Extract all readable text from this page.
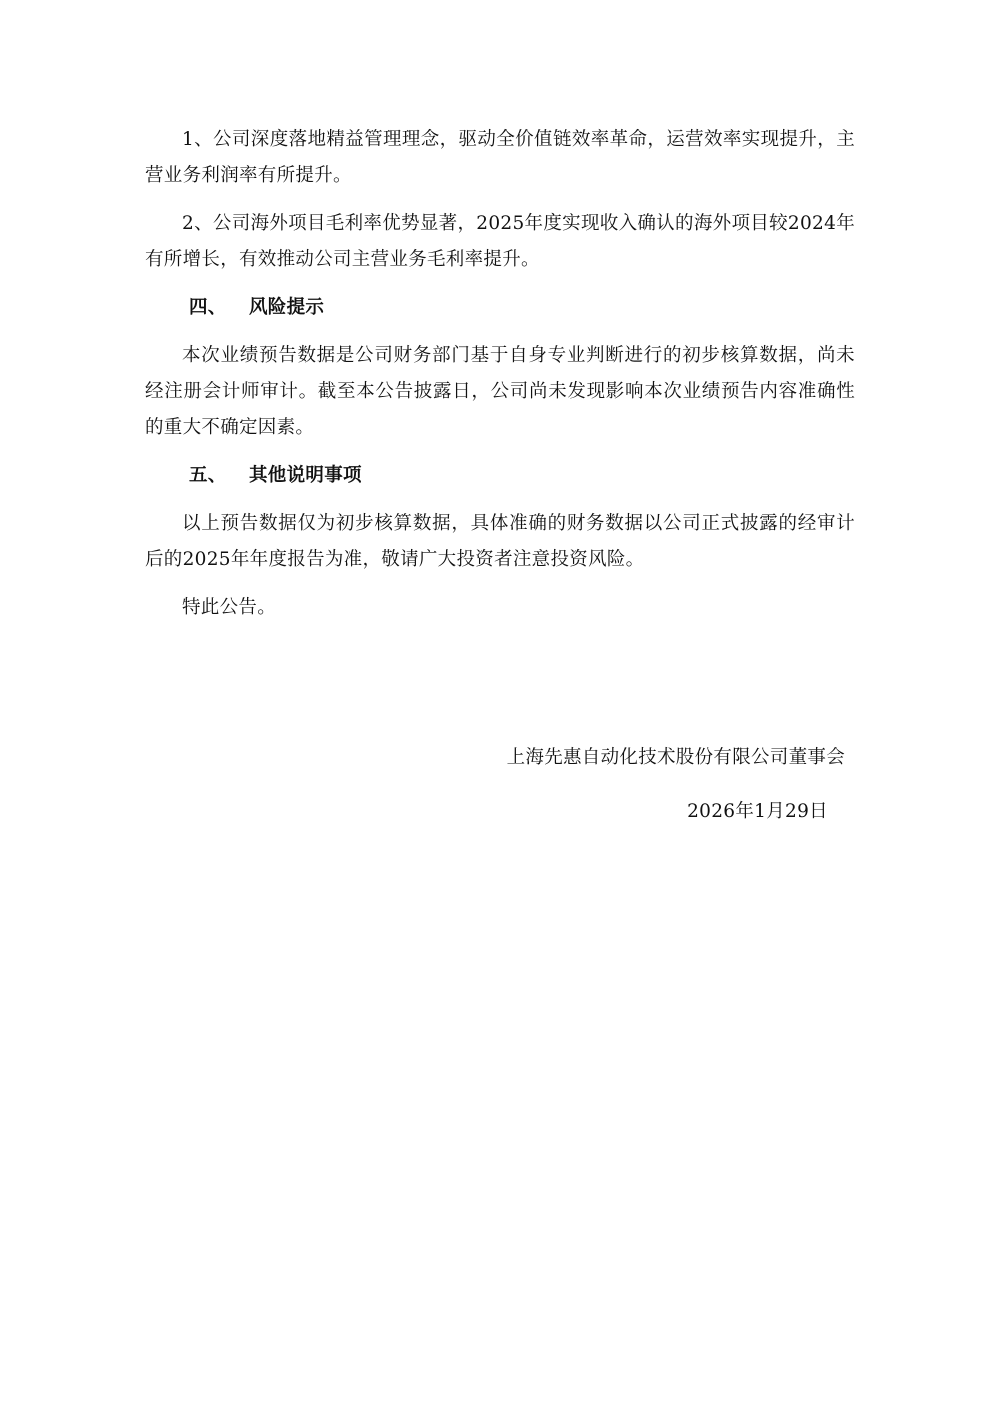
1、公司深度落地精益管理理念，驱动全价值链效率革命，运营效率实现提升，主营业务利润率有所提升。

2、公司海外项目毛利率优势显著，2025年度实现收入确认的海外项目较2024年有所增长，有效推动公司主营业务毛利率提升。

四、	风险提示

本次业绩预告数据是公司财务部门基于自身专业判断进行的初步核算数据，尚未经注册会计师审计。截至本公告披露日，公司尚未发现影响本次业绩预告内容准确性的重大不确定因素。

五、	其他说明事项

以上预告数据仅为初步核算数据，具体准确的财务数据以公司正式披露的经审计后的2025年年度报告为准，敬请广大投资者注意投资风险。

特此公告。

上海先惠自动化技术股份有限公司董事会
2026年1月29日
